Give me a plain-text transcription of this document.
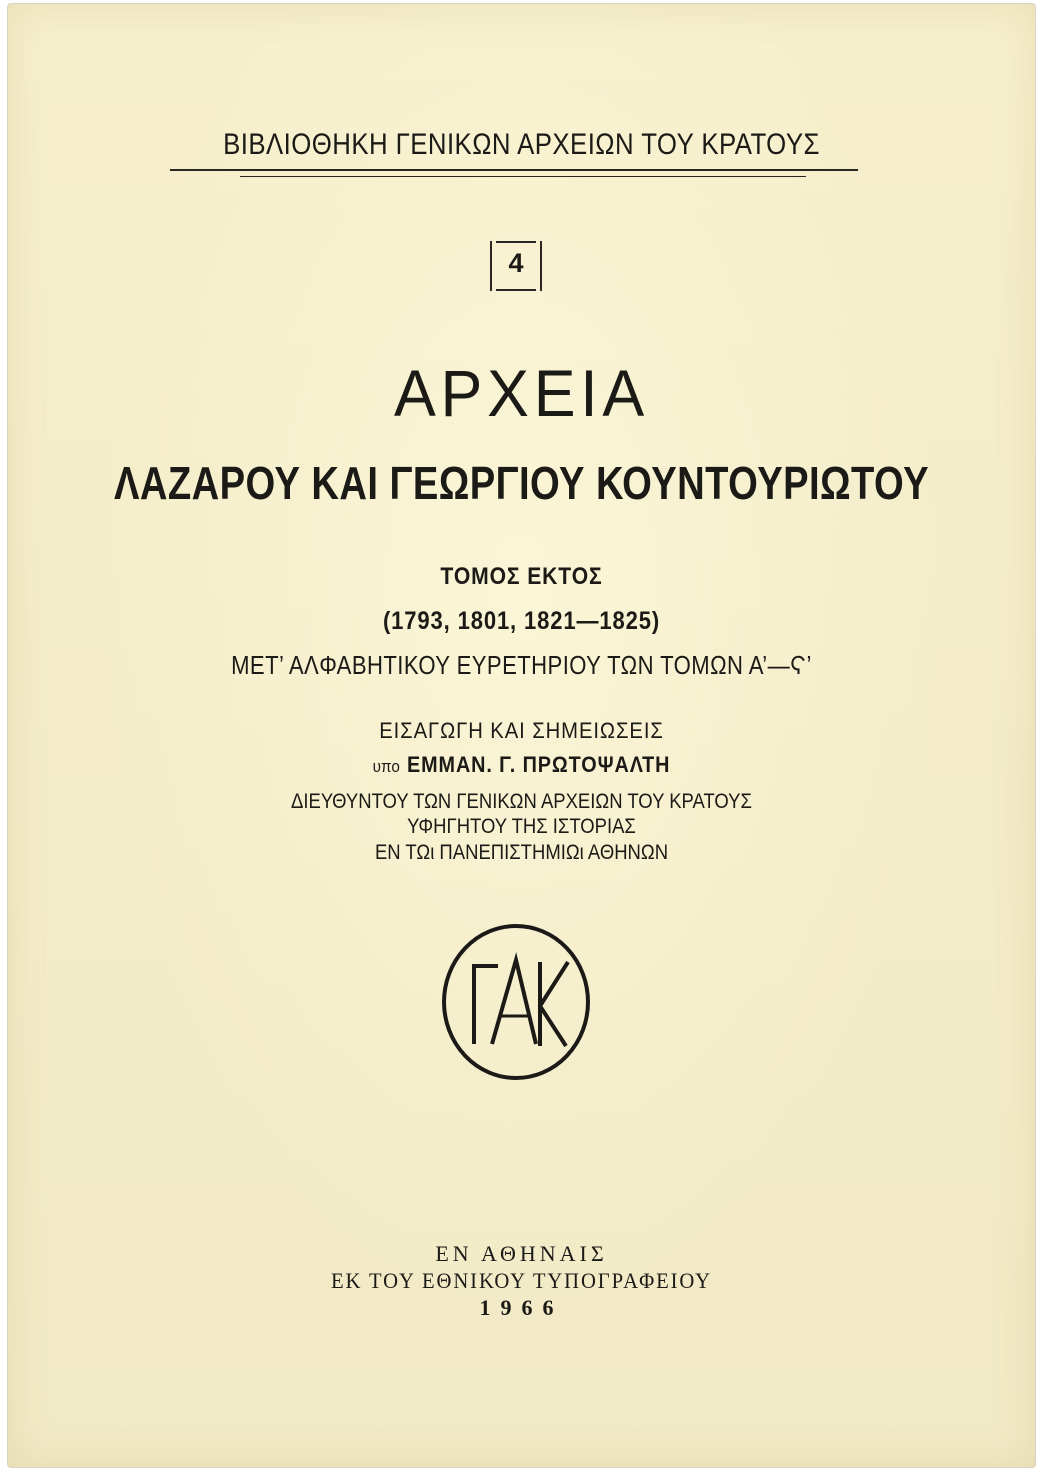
ΒΙΒΛΙΟΘΗΚΗ ΓΕΝΙΚΩΝ ΑΡΧΕΙΩΝ ΤΟΥ ΚΡΑΤΟΥΣ
4
ΑΡΧΕΙΑ
ΛΑΖΑΡΟΥ ΚΑΙ ΓΕΩΡΓΙΟΥ ΚΟΥΝΤΟΥΡΙΩΤΟΥ
ΤΟΜΟΣ ΕΚΤΟΣ
(1793, 1801, 1821—1825)
ΜΕΤ’ ΑΛΦΑΒΗΤΙΚΟΥ ΕΥΡΕΤΗΡΙΟΥ ΤΩΝ ΤΟΜΩΝ Α’—Ϛ’
ΕΙΣΑΓΩΓΗ ΚΑΙ ΣΗΜΕΙΩΣΕΙΣ
υπο ΕΜΜΑΝ. Γ. ΠΡΩΤΟΨΑΛΤΗ
ΔΙΕΥΘΥΝΤΟΥ ΤΩΝ ΓΕΝΙΚΩΝ ΑΡΧΕΙΩΝ ΤΟΥ ΚΡΑΤΟΥΣ
ΥΦΗΓΗΤΟΥ ΤΗΣ ΙΣΤΟΡΙΑΣ
ΕΝ ΤΩι ΠΑΝΕΠΙΣΤΗΜΙΩι ΑΘΗΝΩΝ
ΕΝ ΑΘΗΝΑΙΣ
ΕΚ ΤΟΥ ΕΘΝΙΚΟΥ ΤΥΠΟΓΡΑΦΕΙΟΥ
1966
